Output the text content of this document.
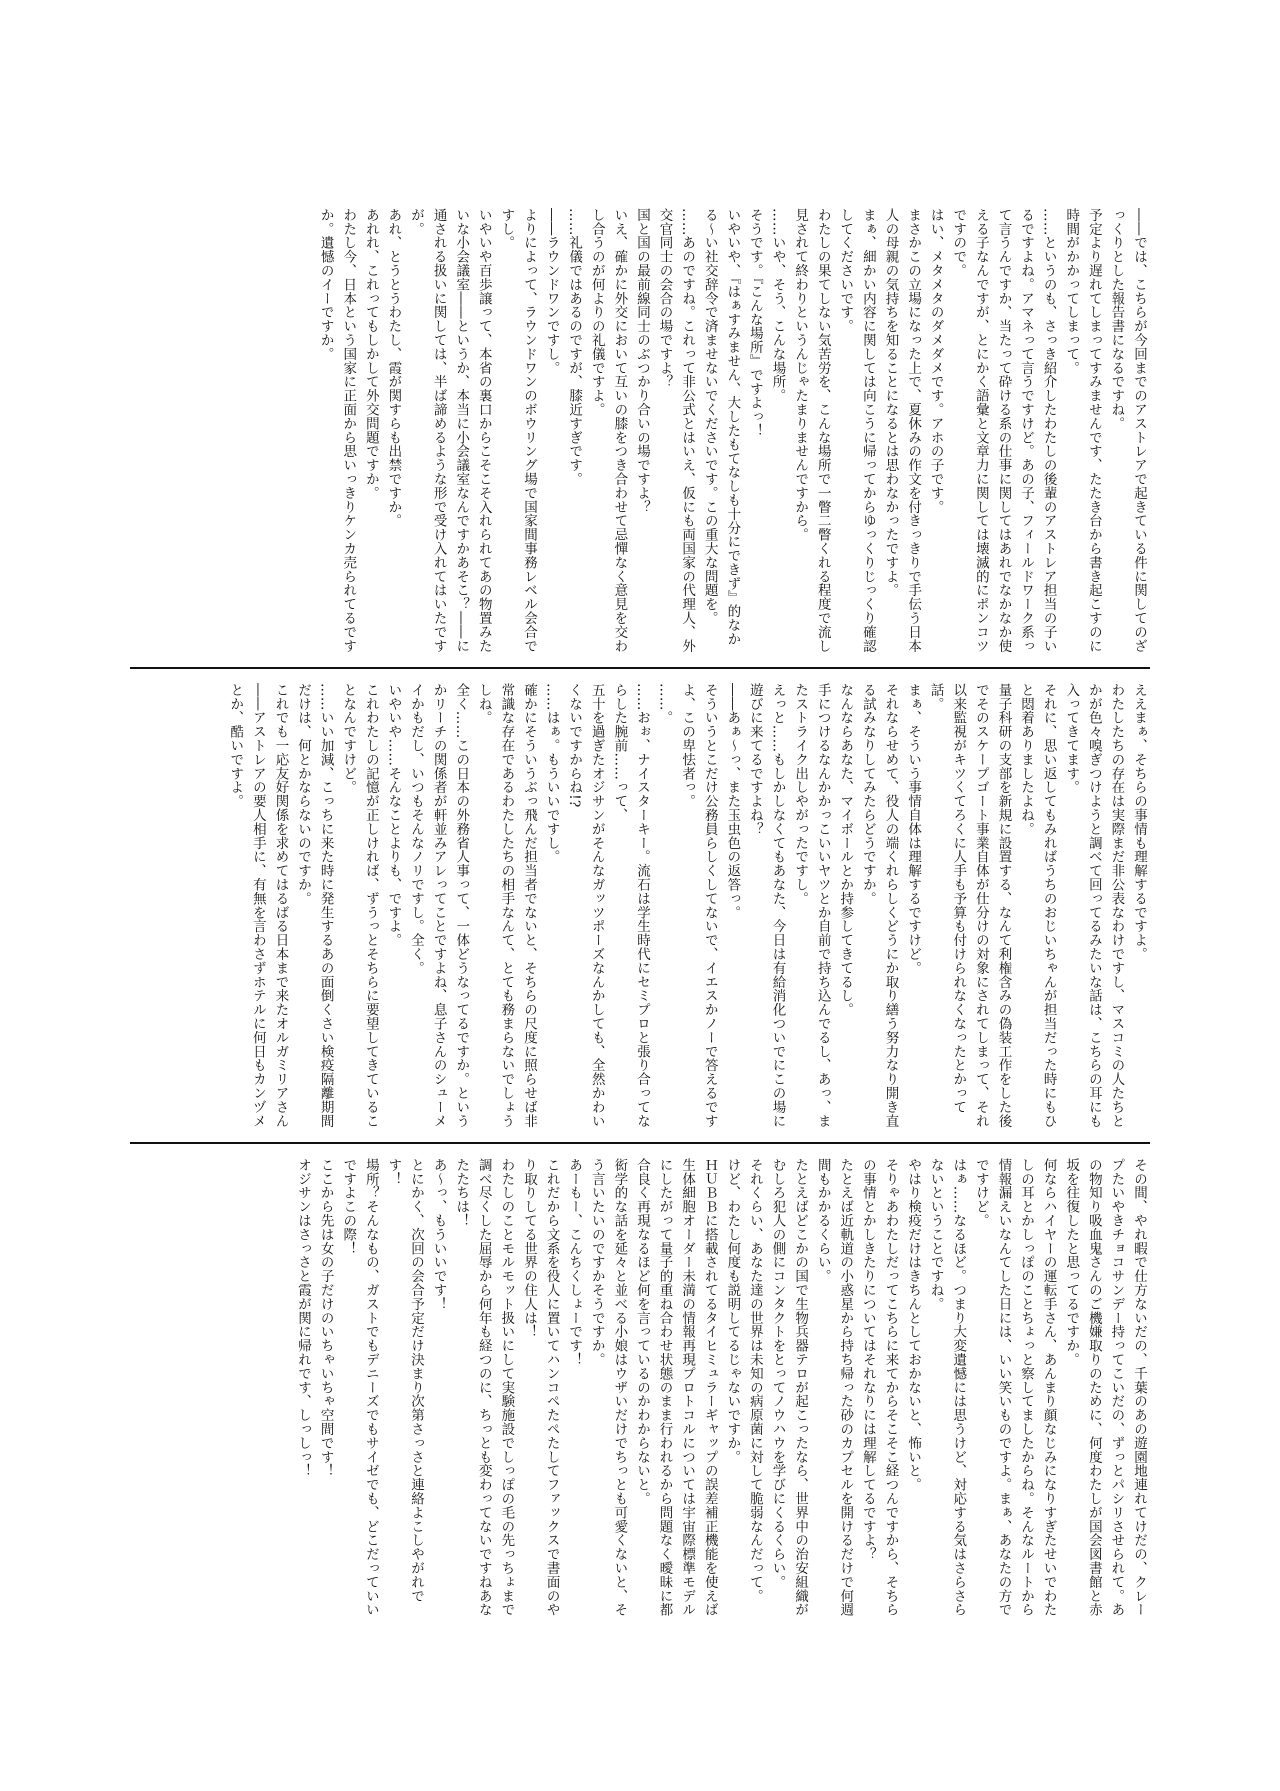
――では、こちらが今回までのアストレアで起きている件に関してのざっくりとした報告書になるですね。

予定より遅れてしまってすみませんです、たたき台から書き起こすのに時間がかかってしまって。

……というのも、さっき紹介したわたしの後輩のアストレア担当の子いるですよね。アマネって言うですけど。あの子、フィールドワーク系って言うんですか、当たって砕ける系の仕事に関してはあれでなかなか使える子なんですが、とにかく語彙と文章力に関しては壊滅的にポンコツですので。

はい、メタメタのダメダメです。アホの子です。

まさかこの立場になった上で、夏休みの作文を付きっきりで手伝う日本人の母親の気持ちを知ることになるとは思わなかったですよ。

まぁ、細かい内容に関しては向こうに帰ってからゆっくりじっくり確認してくださいです。

わたしの果てしない気苦労を、こんな場所で一瞥二瞥くれる程度で流し見されて終わりというんじゃたまりませんですから。

……いや、そう、こんな場所。

そうです。『こんな場所』ですよっ！

いやいや、『はぁすみません、大したもてなしも十分にできず』的なかる～い社交辞令で済ませないでくださいです。この重大な問題を。

……あのですね。これって非公式とはいえ、仮にも両国家の代理人、外交官同士の会合の場ですよ？

国と国の最前線同士のぶつかり合いの場ですよ？

いえ、確かに外交において互いの膝をつき合わせて忌憚なく意見を交わし合うのが何よりの礼儀ですよ。

……礼儀ではあるのですが、膝近すぎです。

――ラウンドワンですし。

よりによって、ラウンドワンのボウリング場で国家間事務レベル会合ですし。

いやいや百歩譲って、本省の裏口からこそこそ入れられてあの物置みたいな小会議室――というか、本当に小会議室なんですかあそこ？――に通される扱いに関しては、半ば諦めるような形で受け入れてはいたですが。

あれ、とうとうわたし、霞が関すらも出禁ですか。

あれれ、これってもしかして外交問題ですか。

わたし今、日本という国家に正面から思いっきりケンカ売られてるですか。遺憾のイーですか。

ええまぁ、そちらの事情も理解するですよ。

わたしたちの存在は実際まだ非公表なわけですし、マスコミの人たちとかが色々嗅ぎつけようと調べて回ってるみたいな話は、こちらの耳にも入ってきてます。

それに、思い返してもみればうちのおじいちゃんが担当だった時にもひと悶着ありましたよね。

量子科研の支部を新規に設置する、なんて利権含みの偽装工作をした後でそのスケープゴート事業自体が仕分けの対象にされてしまって、それ以来監視がキツくてろくに人手も予算も付けられなくなったとかって話。

まぁ、そういう事情自体は理解するですけど。

それならせめて、役人の端くれらしくどうにか取り繕う努力なり開き直る試みなりしてみたらどうですか。

なんならあなた、マイボールとか持参してきてるし。

手につけるなんかかっこいいヤツとか自前で持ち込んでるし、あっ、またストライク出しやがったですし。

えっと……もしかしなくてもあなた、今日は有給消化ついでにこの場に遊びに来てるですよね？

――あぁ～っ、また玉虫色の返答っ。

そういうとこだけ公務員らしくしてないで、イエスかノーで答えるですよ、この卑怯者っ。

……。

……おぉ、ナイスターキー。流石は学生時代にセミプロと張り合ってならした腕前……って、

五十を過ぎたオジサンがそんなガッツポーズなんかしても、全然かわいくないですからね!?

……はぁ。もういいですし。

確かにそういうぶっ飛んだ担当者でないと、そちらの尺度に照らせば非常識な存在であるわたしたちの相手なんて、とても務まらないでしょうしね。

全く……この日本の外務省人事って、一体どうなってるですか。というかリーチの関係者が軒並みアレってことですよね、息子さんのシューメイかもだし、いつもそんなノリですし。全く。

いやいや……そんなことよりも、ですよ。

これわたしの記憶が正しければ、ずうっとそちらに要望してきていることなんですけど。

……いい加減、こっちに来た時に発生するあの面倒くさい検疫隔離期間だけは、何とかならないのですか。

これでも一応友好関係を求めてはるばる日本まで来たオルガミリアさん――アストレアの要人相手に、有無を言わさずホテルに何日もカンヅメとか、酷いですよ。

その間、やれ暇で仕方ないだの、千葉のあの遊園地連れてけだの、クレープたいやきチョコサンデー持ってこいだの、ずっとパシリさせられて。あの物知り吸血鬼さんのご機嫌取りのために、何度わたしが国会図書館と赤坂を往復したと思ってるですか。

何ならハイヤーの運転手さん、あんまり顔なじみになりすぎたせいでわたしの耳とかしっぽのことちょっと察してましたからね。そんなルートから情報漏えいなんてした日には、いい笑いものですよ。まぁ、あなたの方でですけど。

はぁ……なるほど。つまり大変遺憾には思うけど、対応する気はさらさらないということですね。

やはり検疫だけはきちんとしておかないと、怖いと。

そりゃあわたしだってこちらに来てからそこそこ経つんですから、そちらの事情とかしきたりについてはそれなりには理解してるですよ？

たとえば近軌道の小惑星から持ち帰った砂のカプセルを開けるだけで何週間もかかるくらい。

たとえばどこかの国で生物兵器テロが起こったなら、世界中の治安組織がむしろ犯人の側にコンタクトをとってノウハウを学びにくるくらい。

それくらい、あなた達の世界は未知の病原菌に対して脆弱なんだって。

けど、わたし何度も説明してるじゃないですか。

ＨＵＢＢに搭載されてるタイヒミュラーギャップの誤差補正機能を使えば生体細胞オーダー未満の情報再現プロトコルについては宇宙際標準モデルにしたがって量子的重ね合わせ状態のまま行われるから問題なく曖昧に都合良く再現なるほど何を言っているのかわからないと。

衒学的な話を延々と並べる小娘はウザいだけでちっとも可愛くないと、そう言いたいのですかそうですか。

あーもー、こんちくしょーです！

これだから文系を役人に置いてハンコペたペたしてファックスで書面のやり取りしてる世界の住人は！

わたしのことモルモット扱いにして実験施設でしっぽの毛の先っちょまで調べ尽くした屈辱から何年も経つのに、ちっとも変わってないですねあなたたちは！

あ～っ、もういいです！

とにかく、次回の会合予定だけ決まり次第さっさと連絡よこしやがれです！

場所？そんなもの、ガストでもデニーズでもサイゼでも、どこだっていいですよこの際！

ここから先は女の子だけのいちゃいちゃ空間です！

オジサンはさっさと霞が関に帰れです、しっしっ！
